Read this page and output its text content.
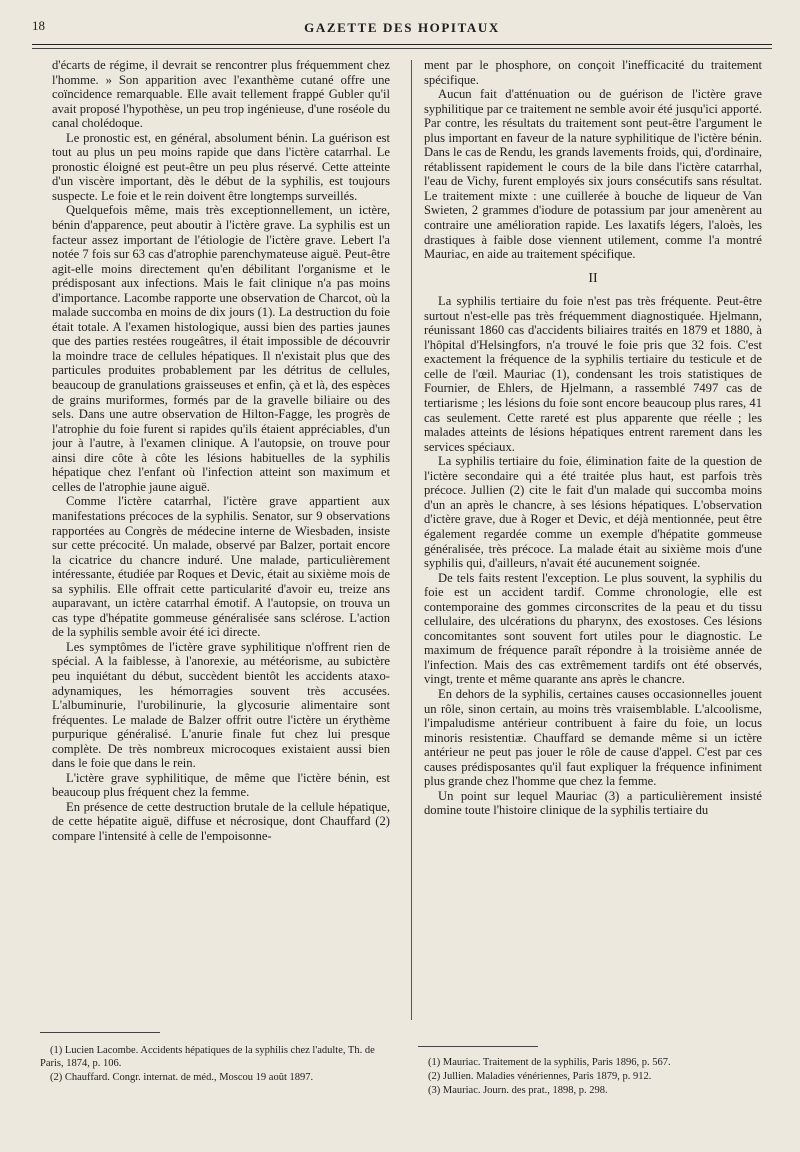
18	GAZETTE DES HOPITAUX

d'écarts de régime, il devrait se rencontrer plus fréquemment chez l'homme. » Son apparition avec l'exanthème cutané offre une coïncidence remarquable. Elle avait tellement frappé Gubler qu'il avait proposé l'hypothèse, un peu trop ingénieuse, d'une roséole du canal cholédoque.

Le pronostic est, en général, absolument bénin. La guérison est tout au plus un peu moins rapide que dans l'ictère catarrhal. Le pronostic éloigné est peut-être un peu plus réservé. Cette atteinte d'un viscère important, dès le début de la syphilis, est toujours suspecte. Le foie et le rein doivent être longtemps surveillés.

Quelquefois même, mais très exceptionnellement, un ictère, bénin d'apparence, peut aboutir à l'ictère grave. La syphilis est un facteur assez important de l'étiologie de l'ictère grave. Lebert l'a notée 7 fois sur 63 cas d'atrophie parenchymateuse aiguë. Peut-être agit-elle moins directement qu'en débilitant l'organisme et le prédisposant aux infections. Mais le fait clinique n'a pas moins d'importance. Lacombe rapporte une observation de Charcot, où la malade succomba en moins de dix jours (1). La destruction du foie était totale. A l'examen histologique, aussi bien des parties jaunes que des parties restées rougeâtres, il était impossible de découvrir la moindre trace de cellules hépatiques. Il n'existait plus que des particules produites probablement par les détritus de cellules, beaucoup de granulations graisseuses et enfin, çà et là, des espèces de grains muriformes, formés par de la gravelle biliaire ou des sels. Dans une autre observation de Hilton-Fagge, les progrès de l'atrophie du foie furent si rapides qu'ils étaient appréciables, d'un jour à l'autre, à l'examen clinique. A l'autopsie, on trouve pour ainsi dire côte à côte les lésions habituelles de la syphilis hépatique chez l'enfant où l'infection atteint son maximum et celles de l'atrophie jaune aiguë.

Comme l'ictère catarrhal, l'ictère grave appartient aux manifestations précoces de la syphilis. Senator, sur 9 observations rapportées au Congrès de médecine interne de Wiesbaden, insiste sur cette précocité. Un malade, observé par Balzer, portait encore la cicatrice du chancre induré. Une malade, particulièrement intéressante, étudiée par Roques et Devic, était au sixième mois de sa syphilis. Elle offrait cette particularité d'avoir eu, treize ans auparavant, un ictère catarrhal émotif. A l'autopsie, on trouva un cas type d'hépatite gommeuse généralisée sans sclérose. L'action de la syphilis semble avoir été ici directe.

Les symptômes de l'ictère grave syphilitique n'offrent rien de spécial. A la faiblesse, à l'anorexie, au météorisme, au subictère peu inquiétant du début, succèdent bientôt les accidents ataxo-adynamiques, les hémorragies souvent très accusées. L'albuminurie, l'urobilinurie, la glycosurie alimentaire sont fréquentes. Le malade de Balzer offrit outre l'ictère un érythème purpurique généralisé. L'anurie finale fut chez lui presque complète. De très nombreux microcoques existaient aussi bien dans le foie que dans le rein.

L'ictère grave syphilitique, de même que l'ictère bénin, est beaucoup plus fréquent chez la femme.

En présence de cette destruction brutale de la cellule hépatique, de cette hépatite aiguë, diffuse et nécrosique, dont Chauffard (2) compare l'intensité à celle de l'empoisonne-

ment par le phosphore, on conçoit l'inefficacité du traitement spécifique.

Aucun fait d'atténuation ou de guérison de l'ictère grave syphilitique par ce traitement ne semble avoir été jusqu'ici apporté. Par contre, les résultats du traitement sont peut-être l'argument le plus important en faveur de la nature syphilitique de l'ictère bénin. Dans le cas de Rendu, les grands lavements froids, qui, d'ordinaire, rétablissent rapidement le cours de la bile dans l'ictère catarrhal, l'eau de Vichy, furent employés six jours consécutifs sans résultat. Le traitement mixte : une cuillerée à bouche de liqueur de Van Swieten, 2 grammes d'iodure de potassium par jour amenèrent au contraire une amélioration rapide. Les laxatifs légers, l'aloès, les drastiques à faible dose viennent utilement, comme l'a montré Mauriac, en aide au traitement spécifique.

II

La syphilis tertiaire du foie n'est pas très fréquente. Peut-être surtout n'est-elle pas très fréquemment diagnostiquée. Hjelmann, réunissant 1860 cas d'accidents biliaires traités en 1879 et 1880, à l'hôpital d'Helsingfors, n'a trouvé le foie pris que 32 fois. C'est exactement la fréquence de la syphilis tertiaire du testicule et de celle de l'œil. Mauriac (1), condensant les trois statistiques de Fournier, de Ehlers, de Hjelmann, a rassemblé 7497 cas de tertiarisme ; les lésions du foie sont encore beaucoup plus rares, 41 cas seulement. Cette rareté est plus apparente que réelle ; les malades atteints de lésions hépatiques entrent rarement dans les services spéciaux.

La syphilis tertiaire du foie, élimination faite de la question de l'ictère secondaire qui a été traitée plus haut, est parfois très précoce. Jullien (2) cite le fait d'un malade qui succomba moins d'un an après le chancre, à ses lésions hépatiques. L'observation d'ictère grave, due à Roger et Devic, et déjà mentionnée, peut être également regardée comme un exemple d'hépatite gommeuse généralisée, très précoce. La malade était au sixième mois d'une syphilis qui, d'ailleurs, n'avait été aucunement soignée.

De tels faits restent l'exception. Le plus souvent, la syphilis du foie est un accident tardif. Comme chronologie, elle est contemporaine des gommes circonscrites de la peau et du tissu cellulaire, des ulcérations du pharynx, des exostoses. Ces lésions concomitantes sont souvent fort utiles pour le diagnostic. Le maximum de fréquence paraît répondre à la troisième année de l'infection. Mais des cas extrêmement tardifs ont été observés, vingt, trente et même quarante ans après le chancre.

En dehors de la syphilis, certaines causes occasionnelles jouent un rôle, sinon certain, au moins très vraisemblable. L'alcoolisme, l'impaludisme antérieur contribuent à faire du foie, un locus minoris resistentiæ. Chauffard se demande même si un ictère antérieur ne peut pas jouer le rôle de cause d'appel. C'est par ces causes prédisposantes qu'il faut expliquer la fréquence infiniment plus grande chez l'homme que chez la femme.

Un point sur lequel Mauriac (3) a particulièrement insisté domine toute l'histoire clinique de la syphilis tertiaire du

(1) Lucien Lacombe. Accidents hépatiques de la syphilis chez l'adulte, Th. de Paris, 1874, p. 106.

(2) Chauffard. Congr. internat. de méd., Moscou 19 août 1897.

(1) Mauriac. Traitement de la syphilis, Paris 1896, p. 567.

(2) Jullien. Maladies vénériennes, Paris 1879, p. 912.

(3) Mauriac. Journ. des prat., 1898, p. 298.
